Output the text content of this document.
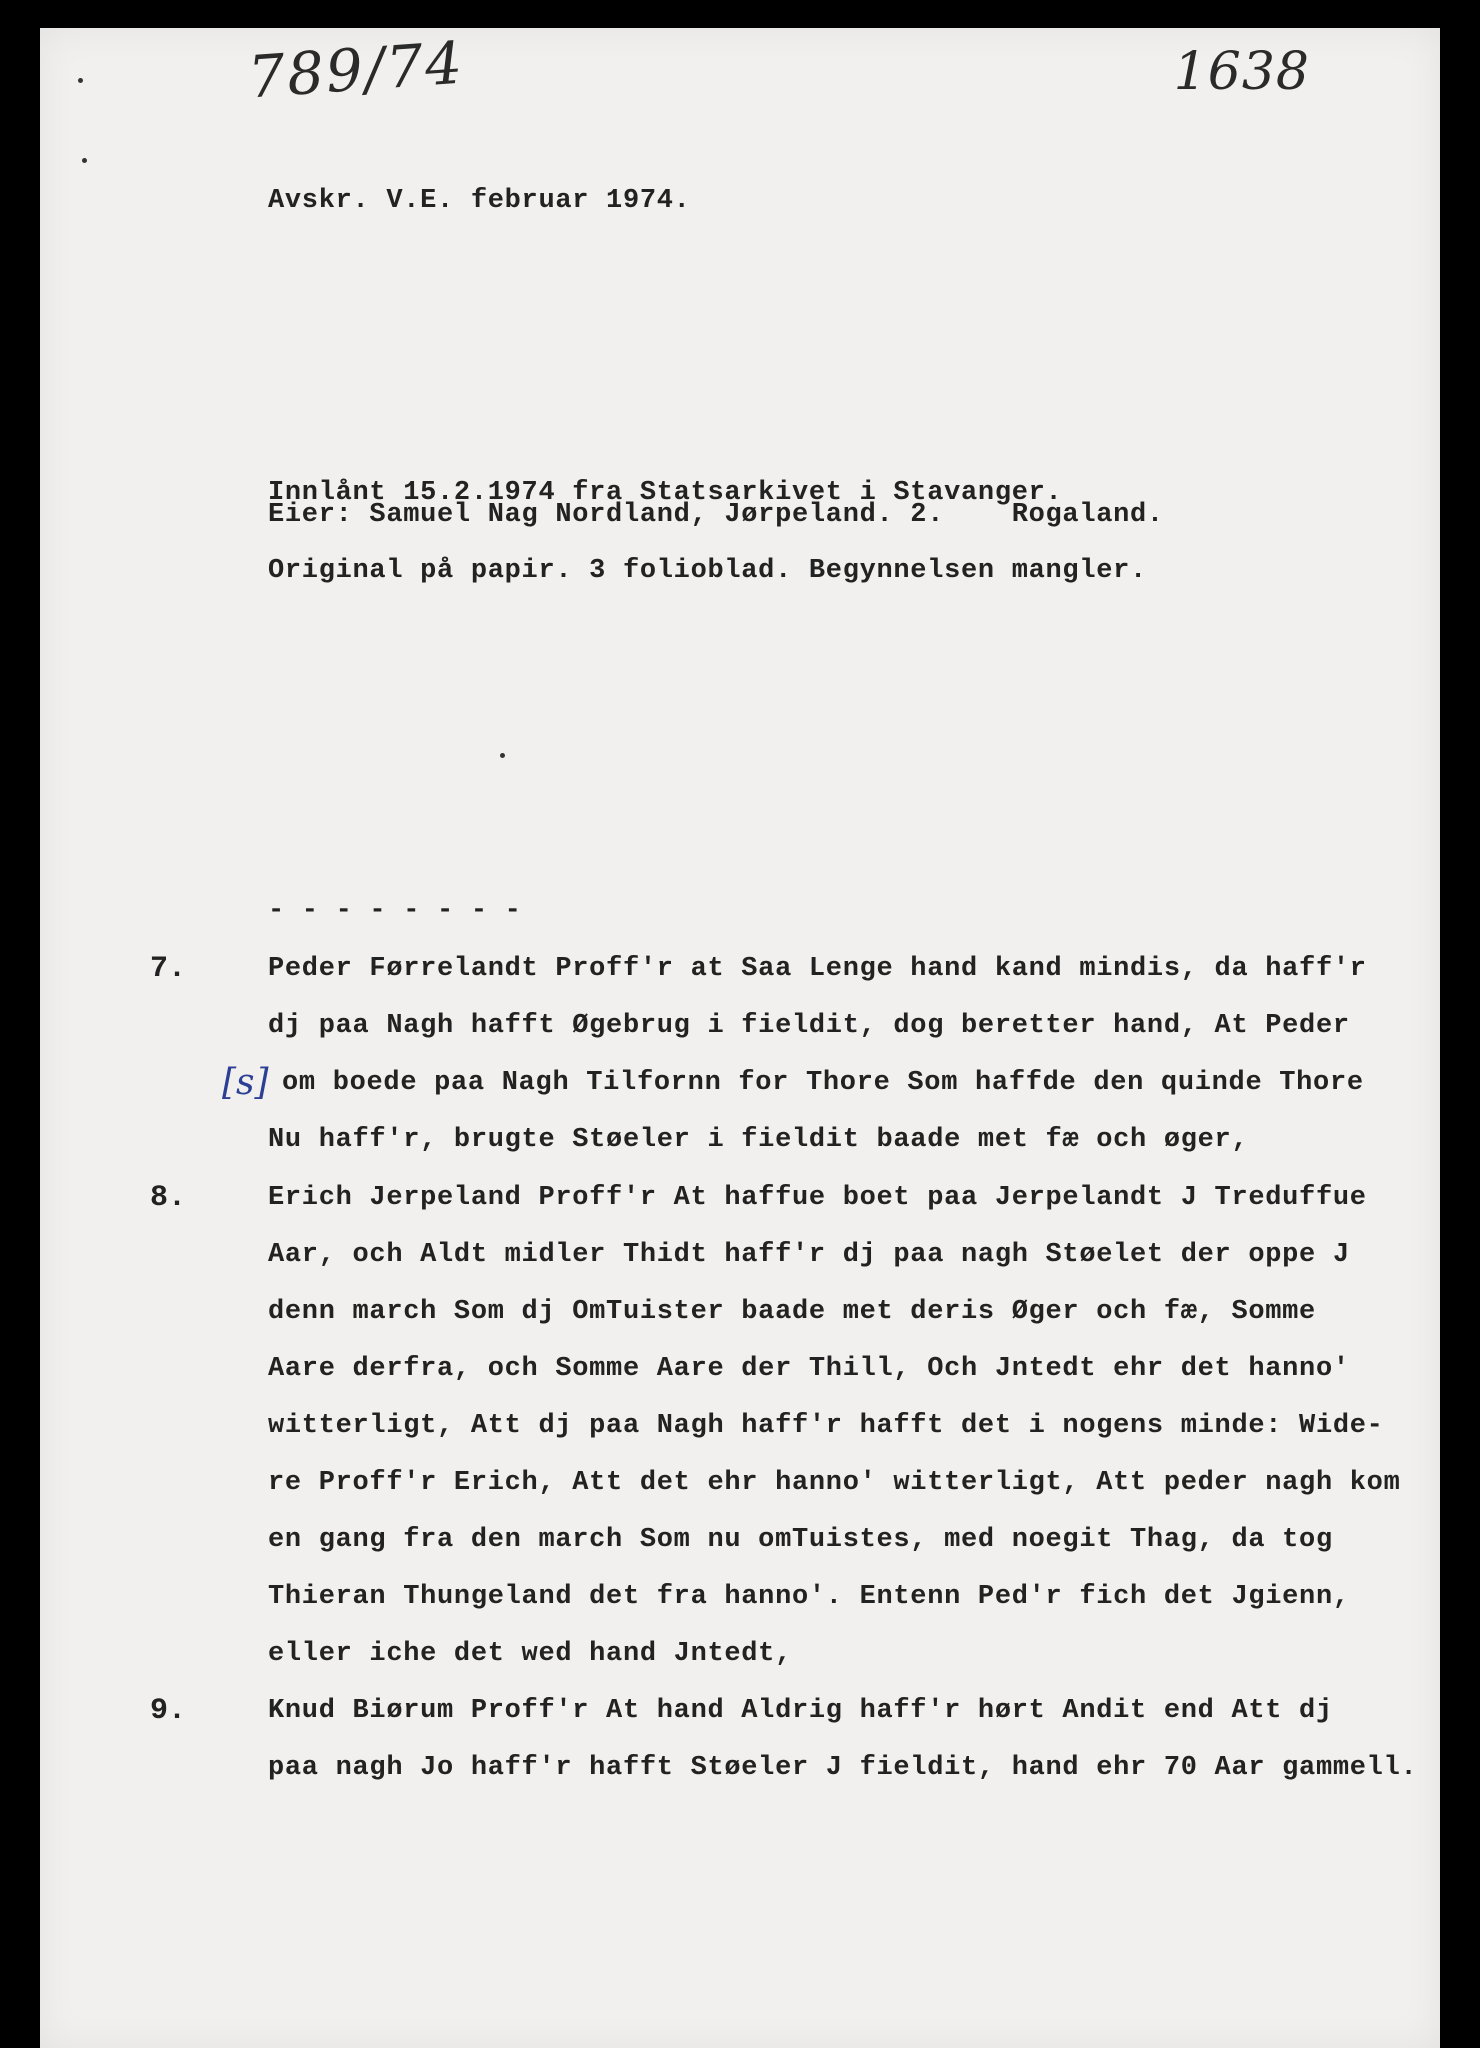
789/74	1638
Avskr. V.E. februar 1974.
Innlånt 15.2.1974 fra Statsarkivet i Stavanger.
Eier: Samuel Nag Nordland, Jørpeland. 2.    Rogaland.
Original på papir. 3 folioblad. Begynnelsen mangler.
- - - - - - - -
7.	Peder Førrelandt Proff'r at Saa Lenge hand kand mindis, da haff'r
dj paa Nagh hafft Øgebrug i fieldit, dog beretter hand, At Peder
[s] om boede paa Nagh Tilfornn for Thore Som haffde den quinde Thore
Nu haff'r, brugte Støeler i fieldit baade met fæ och øger,
8.	Erich Jerpeland Proff'r At haffue boet paa Jerpelandt J Treduffue
Aar, och Aldt midler Thidt haff'r dj paa nagh Støelet der oppe J
denn march Som dj OmTuister baade met deris Øger och fæ, Somme
Aare derfra, och Somme Aare der Thill, Och Jntedt ehr det hanno'
witterligt, Att dj paa Nagh haff'r hafft det i nogens minde: Wide-
re Proff'r Erich, Att det ehr hanno' witterligt, Att peder nagh kom
en gang fra den march Som nu omTuistes, med noegit Thag, da tog
Thieran Thungeland det fra hanno'. Entenn Ped'r fich det Jgienn,
eller iche det wed hand Jntedt,
9.	Knud Biørum Proff'r At hand Aldrig haff'r hørt Andit end Att dj
paa nagh Jo haff'r hafft Støeler J fieldit, hand ehr 70 Aar gammell.
